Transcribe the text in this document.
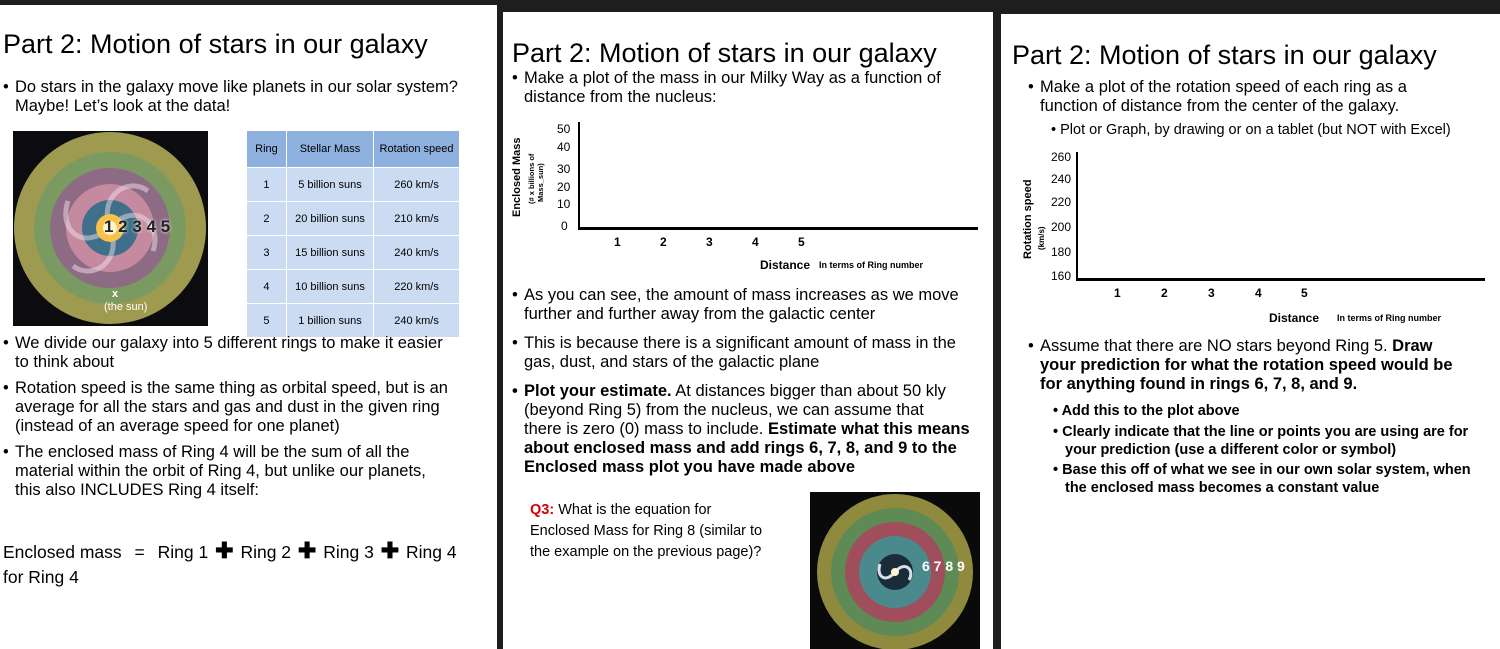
Part 2: Motion of stars in our galaxy
• Do stars in the galaxy move like planets in our solar system?
Maybe! Let’s look at the data!
1 2 3 4 5
x
(the sun)
Ring	Stellar Mass	Rotation speed
1	5 billion suns	260 km/s
2	20 billion suns	210 km/s
3	15 billion suns	240 km/s
4	10 billion suns	220 km/s
5	1 billion suns	240 km/s
• We divide our galaxy into 5 different rings to make it easier
to think about
• Rotation speed is the same thing as orbital speed, but is an
average for all the stars and gas and dust in the given ring
(instead of an average speed for one planet)
• The enclosed mass of Ring 4 will be the sum of all the
material within the orbit of Ring 4, but unlike our planets,
this also INCLUDES Ring 4 itself:
Enclosed mass = Ring 1 ✚ Ring 2 ✚ Ring 3 ✚ Ring 4
for Ring 4
Part 2: Motion of stars in our galaxy
• Make a plot of the mass in our Milky Way as a function of
distance from the nucleus:
Enclosed Mass (# x billions of Mass_sun)
50
40
30
20
10
0
1	2	3	4	5
Distance In terms of Ring number
• As you can see, the amount of mass increases as we move
further and further away from the galactic center
• This is because there is a significant amount of mass in the
gas, dust, and stars of the galactic plane
• Plot your estimate. At distances bigger than about 50 kly
(beyond Ring 5) from the nucleus, we can assume that
there is zero (0) mass to include. Estimate what this means
about enclosed mass and add rings 6, 7, 8, and 9 to the
Enclosed mass plot you have made above
Q3: What is the equation for
Enclosed Mass for Ring 8 (similar to
the example on the previous page)?
6 7 8 9
Part 2: Motion of stars in our galaxy
• Make a plot of the rotation speed of each ring as a
function of distance from the center of the galaxy.
• Plot or Graph, by drawing or on a tablet (but NOT with Excel)
Rotation speed (km/s)
260
240
220
200
180
160
1	2	3	4	5
Distance In terms of Ring number
• Assume that there are NO stars beyond Ring 5. Draw
your prediction for what the rotation speed would be
for anything found in rings 6, 7, 8, and 9.
• Add this to the plot above
• Clearly indicate that the line or points you are using are for
your prediction (use a different color or symbol)
• Base this off of what we see in our own solar system, when
the enclosed mass becomes a constant value
